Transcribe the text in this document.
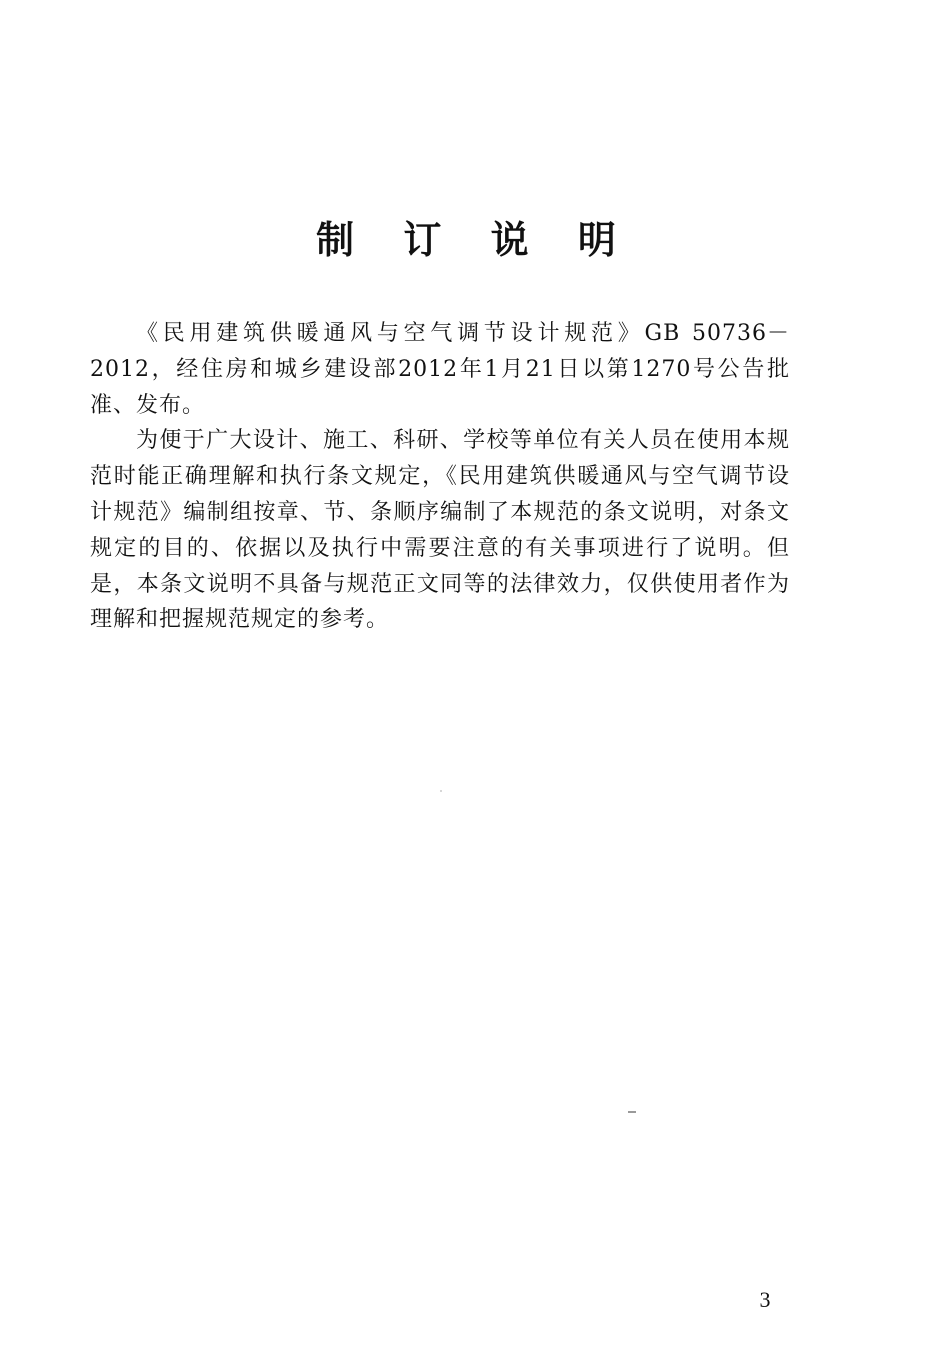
制 订 说 明

《民用建筑供暖通风与空气调节设计规范》GB 50736－2012，经住房和城乡建设部2012年1月21日以第1270号公告批准、发布。

为便于广大设计、施工、科研、学校等单位有关人员在使用本规范时能正确理解和执行条文规定，《民用建筑供暖通风与空气调节设计规范》编制组按章、节、条顺序编制了本规范的条文说明，对条文规定的目的、依据以及执行中需要注意的有关事项进行了说明。但是，本条文说明不具备与规范正文同等的法律效力，仅供使用者作为理解和把握规范规定的参考。

3
